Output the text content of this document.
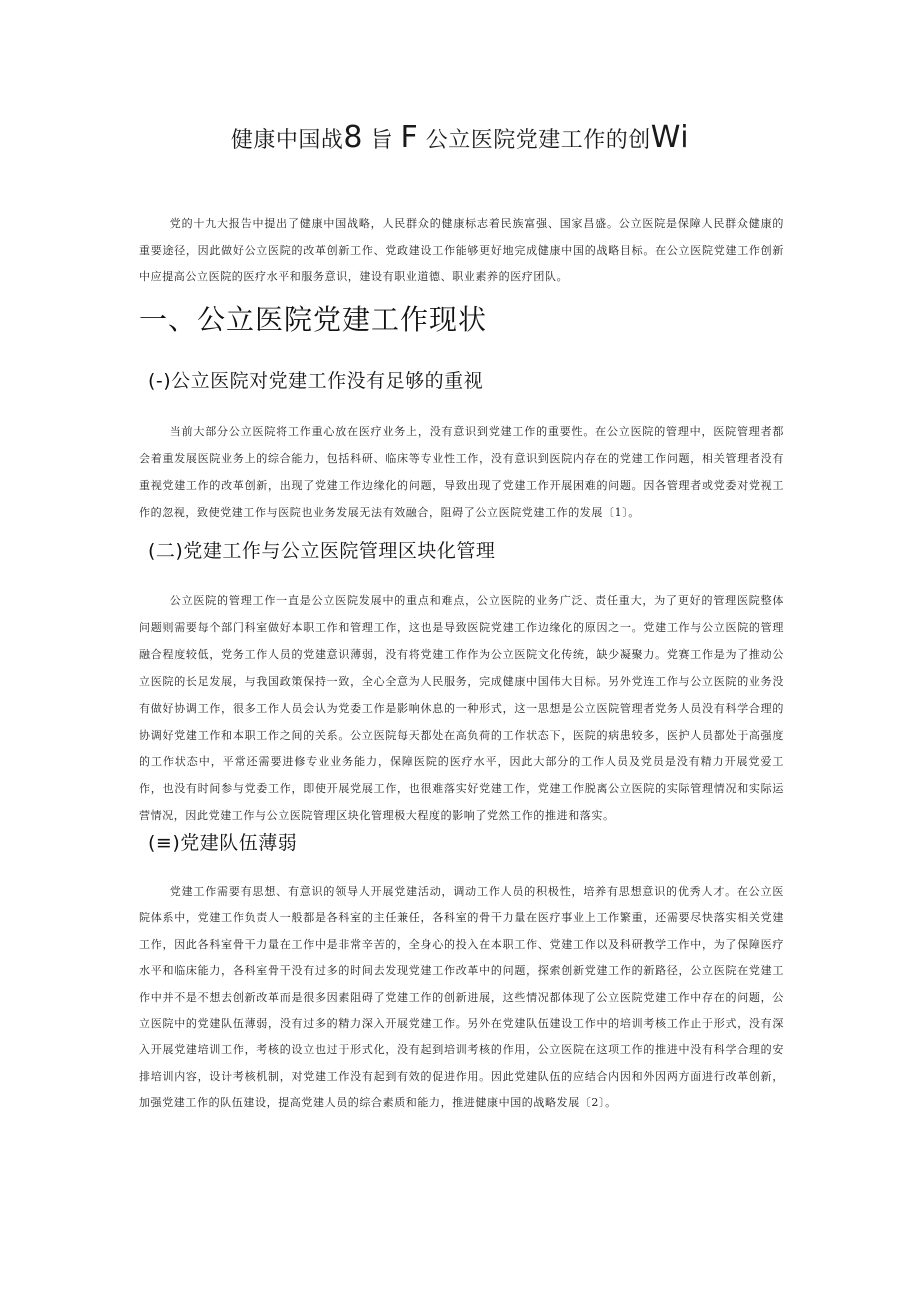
健康中国战8 旨 F 公立医院党建工作的创Wi

党的十九大报告中提出了健康中国战略，人民群众的健康标志着民族富强、国家昌盛。公立医院是保障人民群众健康的重要途径，因此做好公立医院的改革创新工作、党政建设工作能够更好地完成健康中国的战略目标。在公立医院党建工作创新中应提高公立医院的医疗水平和服务意识，建设有职业道德、职业素养的医疗团队。

一、公立医院党建工作现状
(-)公立医院对党建工作没有足够的重视

当前大部分公立医院将工作重心放在医疗业务上，没有意识到党建工作的重要性。在公立医院的管理中，医院管理者都会着重发展医院业务上的综合能力，包括科研、临床等专业性工作，没有意识到医院内存在的党建工作问题，相关管理者没有重视党建工作的改革创新，出现了党建工作边缘化的问题，导致出现了党建工作开展困难的问题。因各管理者或党委对党视工作的忽视，致使党建工作与医院也业务发展无法有效融合，阻碍了公立医院党建工作的发展〔1〕。

(二)党建工作与公立医院管理区块化管理

公立医院的管理工作一直是公立医院发展中的重点和难点，公立医院的业务广泛、责任重大，为了更好的管理医院整体问题则需要每个部门科室做好本职工作和管理工作，这也是导致医院党建工作边缘化的原因之一。党建工作与公立医院的管理融合程度较低，党务工作人员的党建意识薄弱，没有将党建工作作为公立医院文化传统，缺少凝聚力。党赛工作是为了推动公立医院的长足发展，与我国政策保持一致，全心全意为人民服务，完成健康中国伟大目标。另外党连工作与公立医院的业务没有做好协调工作，很多工作人员会认为党委工作是影响休息的一种形式，这一思想是公立医院管理者党务人员没有科学合理的协调好党建工作和本职工作之间的关系。公立医院每天都处在高负荷的工作状态下，医院的病患较多，医护人员都处于高强度的工作状态中，平常还需要进修专业业务能力，保障医院的医疗水平，因此大部分的工作人员及党员是没有精力开展党爱工作，也没有时间参与党委工作，即使开展党展工作，也很难落实好党建工作，党建工作脱离公立医院的实际管理情况和实际运营情况，因此党建工作与公立医院管理区块化管理极大程度的影响了党然工作的推进和落实。

(≡)党建队伍薄弱

党建工作需要有思想、有意识的领导人开展党建活动，调动工作人员的积极性，培养有思想意识的优秀人才。在公立医院体系中，党建工作负责人一般都是各科室的主任兼任，各科室的骨干力量在医疗事业上工作繁重，还需要尽快落实相关党建工作，因此各科室骨干力量在工作中是非常辛苦的，全身心的投入在本职工作、党建工作以及科研教学工作中，为了保障医疗水平和临床能力，各科室骨干没有过多的时间去发现党建工作改革中的问题，探索创新党建工作的新路径，公立医院在党建工作中并不是不想去创新改革而是很多因素阻碍了党建工作的创新进展，这些情况都体现了公立医院党建工作中存在的问题，公立医院中的党建队伍薄弱，没有过多的精力深入开展党建工作。另外在党建队伍建设工作中的培训考核工作止于形式，没有深入开展党建培训工作，考核的设立也过于形式化，没有起到培训考核的作用，公立医院在这项工作的推进中没有科学合理的安排培训内容，设计考核机制，对党建工作没有起到有效的促进作用。因此党建队伍的应结合内因和外因两方面进行改革创新，加强党建工作的队伍建设，提高党建人员的综合素质和能力，推进健康中国的战略发展〔2〕。
